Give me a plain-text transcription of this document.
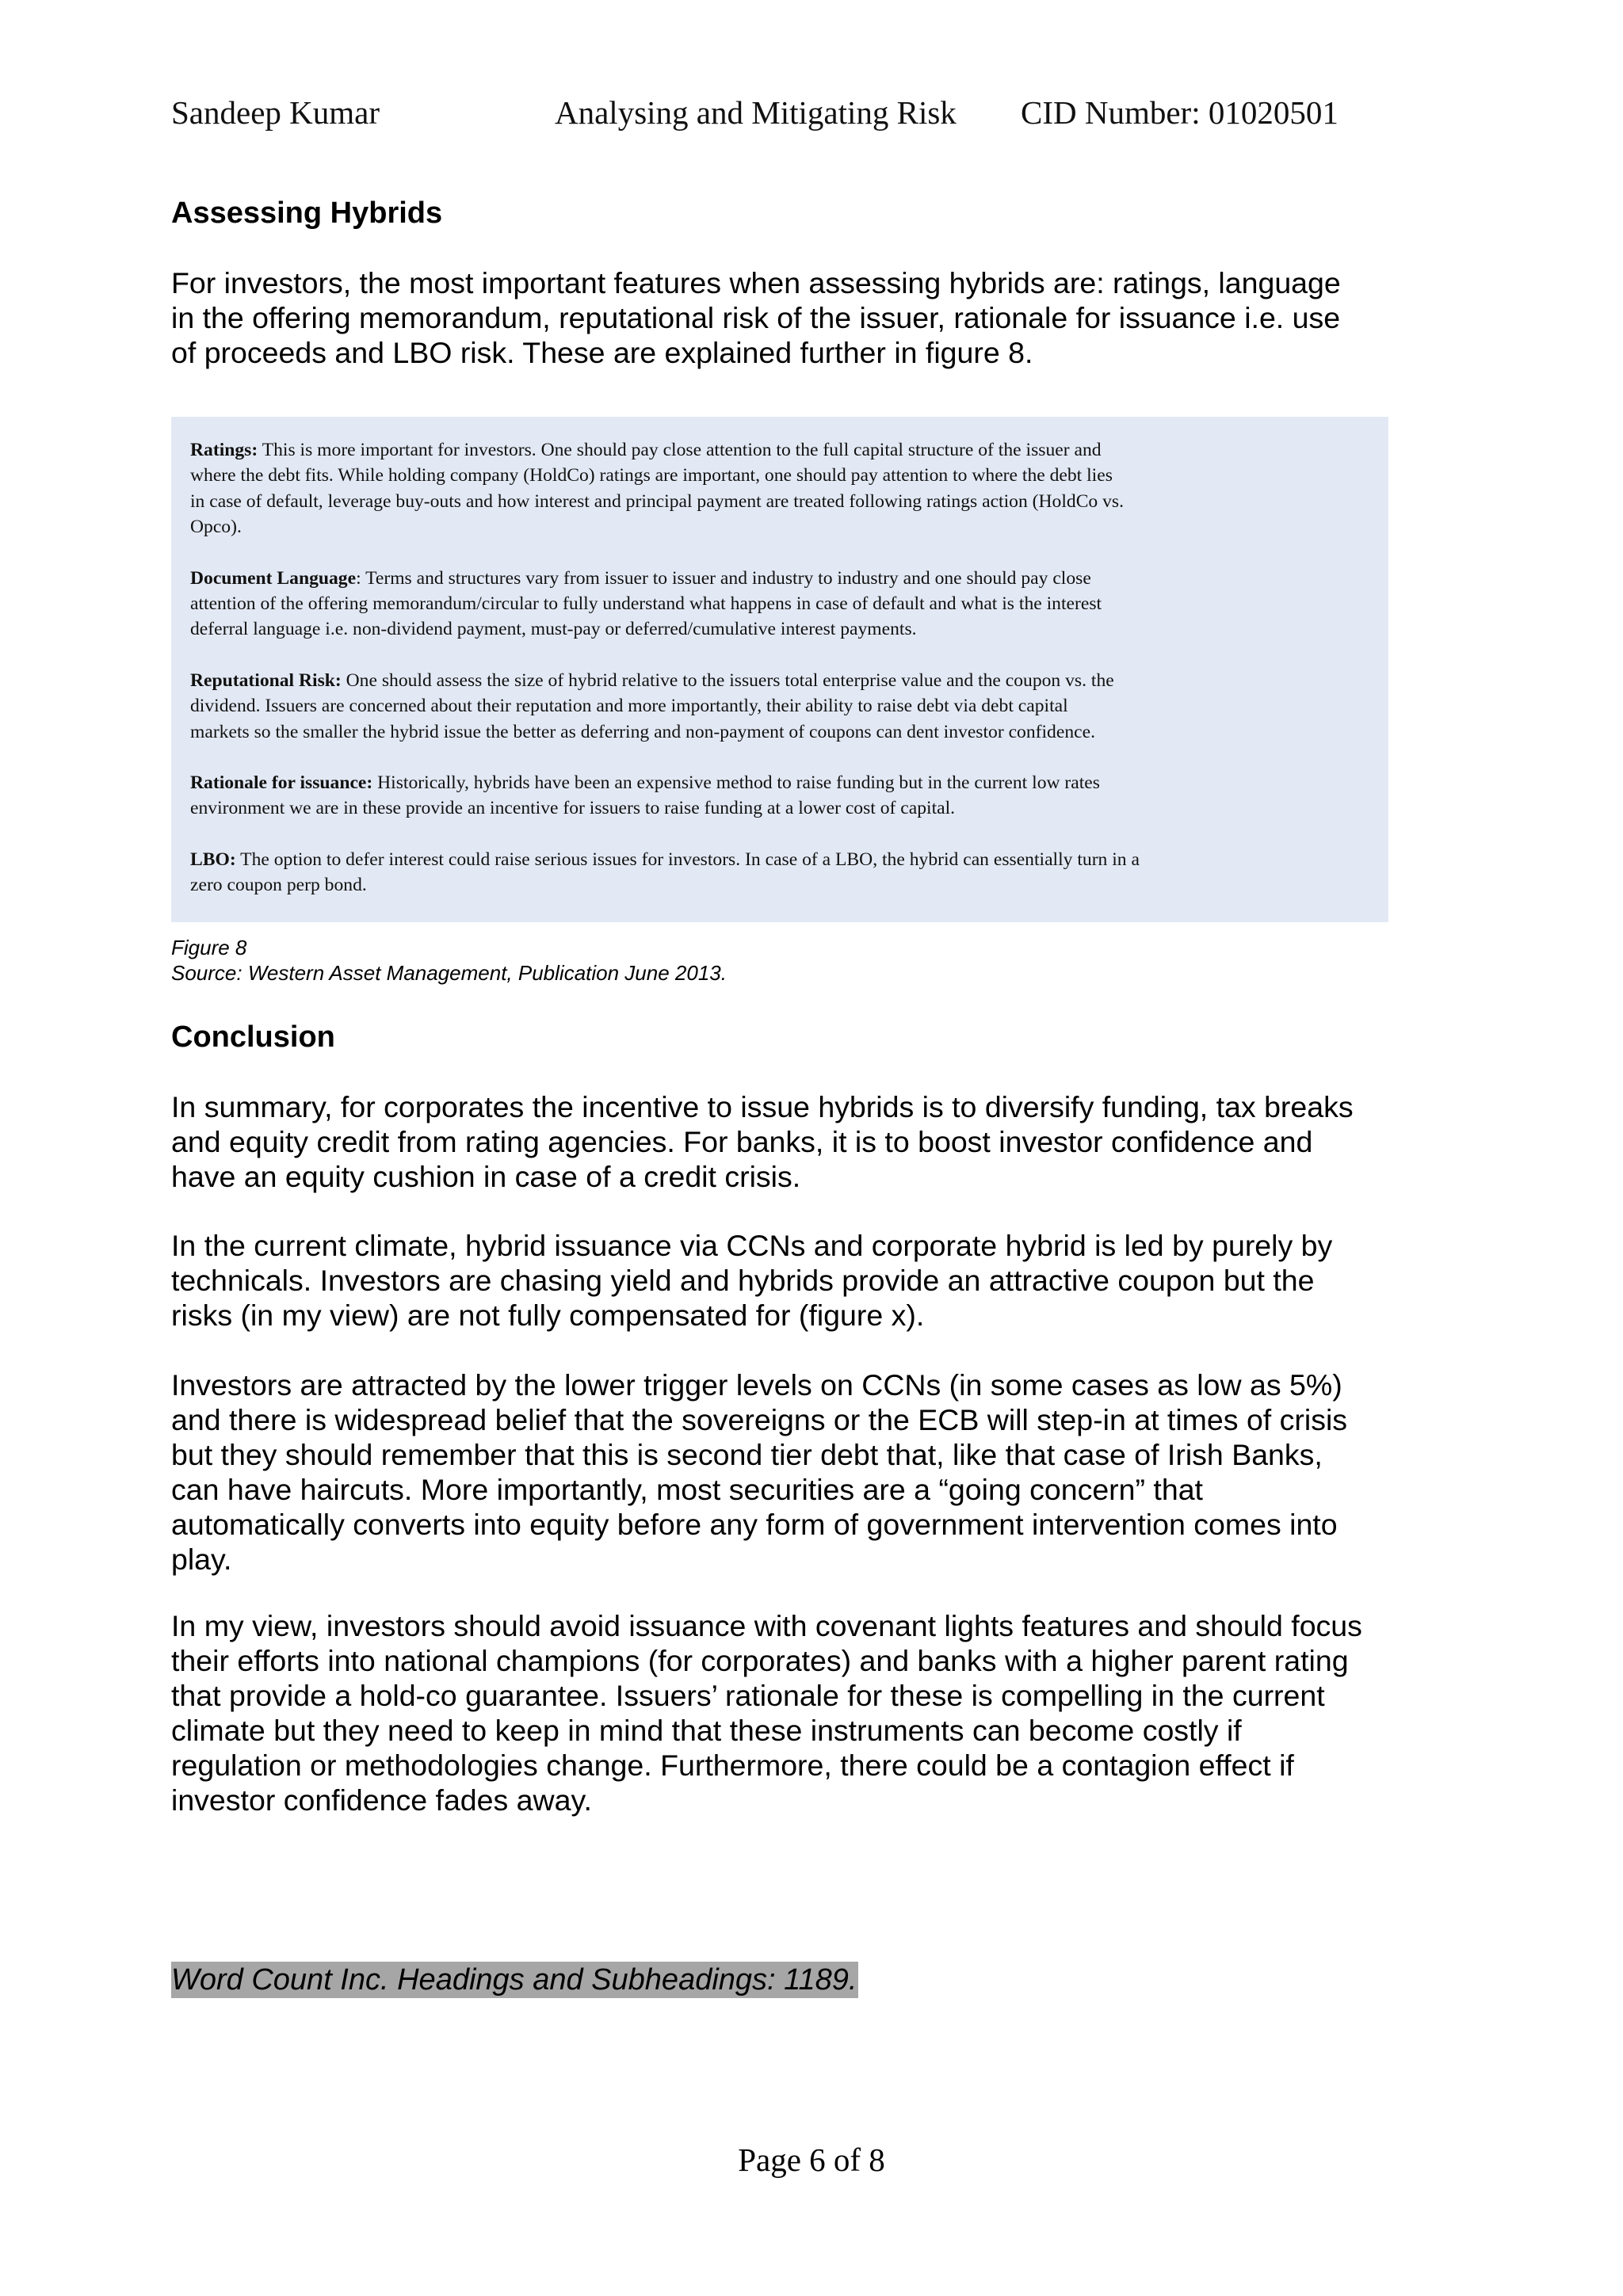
Sandeep Kumar	Analysing and Mitigating Risk CID Number: 01020501
Assessing Hybrids
For investors, the most important features when assessing hybrids are: ratings, language
in the offering memorandum, reputational risk of the issuer, rationale for issuance i.e. use
of proceeds and LBO risk. These are explained further in figure 8.

Ratings: This is more important for investors. One should pay close attention to the full capital structure of the issuer and
where the debt fits. While holding company (HoldCo) ratings are important, one should pay attention to where the debt lies
in case of default, leverage buy-outs and how interest and principal payment are treated following ratings action (HoldCo vs.
Opco).

Document Language: Terms and structures vary from issuer to issuer and industry to industry and one should pay close
attention of the offering memorandum/circular to fully understand what happens in case of default and what is the interest
deferral language i.e. non-dividend payment, must-pay or deferred/cumulative interest payments.

Reputational Risk: One should assess the size of hybrid relative to the issuers total enterprise value and the coupon vs. the
dividend. Issuers are concerned about their reputation and more importantly, their ability to raise debt via debt capital
markets so the smaller the hybrid issue the better as deferring and non-payment of coupons can dent investor confidence.

Rationale for issuance: Historically, hybrids have been an expensive method to raise funding but in the current low rates
environment we are in these provide an incentive for issuers to raise funding at a lower cost of capital.

LBO: The option to defer interest could raise serious issues for investors. In case of a LBO, the hybrid can essentially turn in a
zero coupon perp bond.

Figure 8
Source: Western Asset Management, Publication June 2013.
Conclusion
In summary, for corporates the incentive to issue hybrids is to diversify funding, tax breaks
and equity credit from rating agencies. For banks, it is to boost investor confidence and
have an equity cushion in case of a credit crisis.
In the current climate, hybrid issuance via CCNs and corporate hybrid is led by purely by
technicals. Investors are chasing yield and hybrids provide an attractive coupon but the
risks (in my view) are not fully compensated for (figure x).
Investors are attracted by the lower trigger levels on CCNs (in some cases as low as 5%)
and there is widespread belief that the sovereigns or the ECB will step-in at times of crisis
but they should remember that this is second tier debt that, like that case of Irish Banks,
can have haircuts. More importantly, most securities are a “going concern” that
automatically converts into equity before any form of government intervention comes into
play.
In my view, investors should avoid issuance with covenant lights features and should focus
their efforts into national champions (for corporates) and banks with a higher parent rating
that provide a hold-co guarantee. Issuers’ rationale for these is compelling in the current
climate but they need to keep in mind that these instruments can become costly if
regulation or methodologies change. Furthermore, there could be a contagion effect if
investor confidence fades away.

Word Count Inc. Headings and Subheadings: 1189.

Page 6 of 8
